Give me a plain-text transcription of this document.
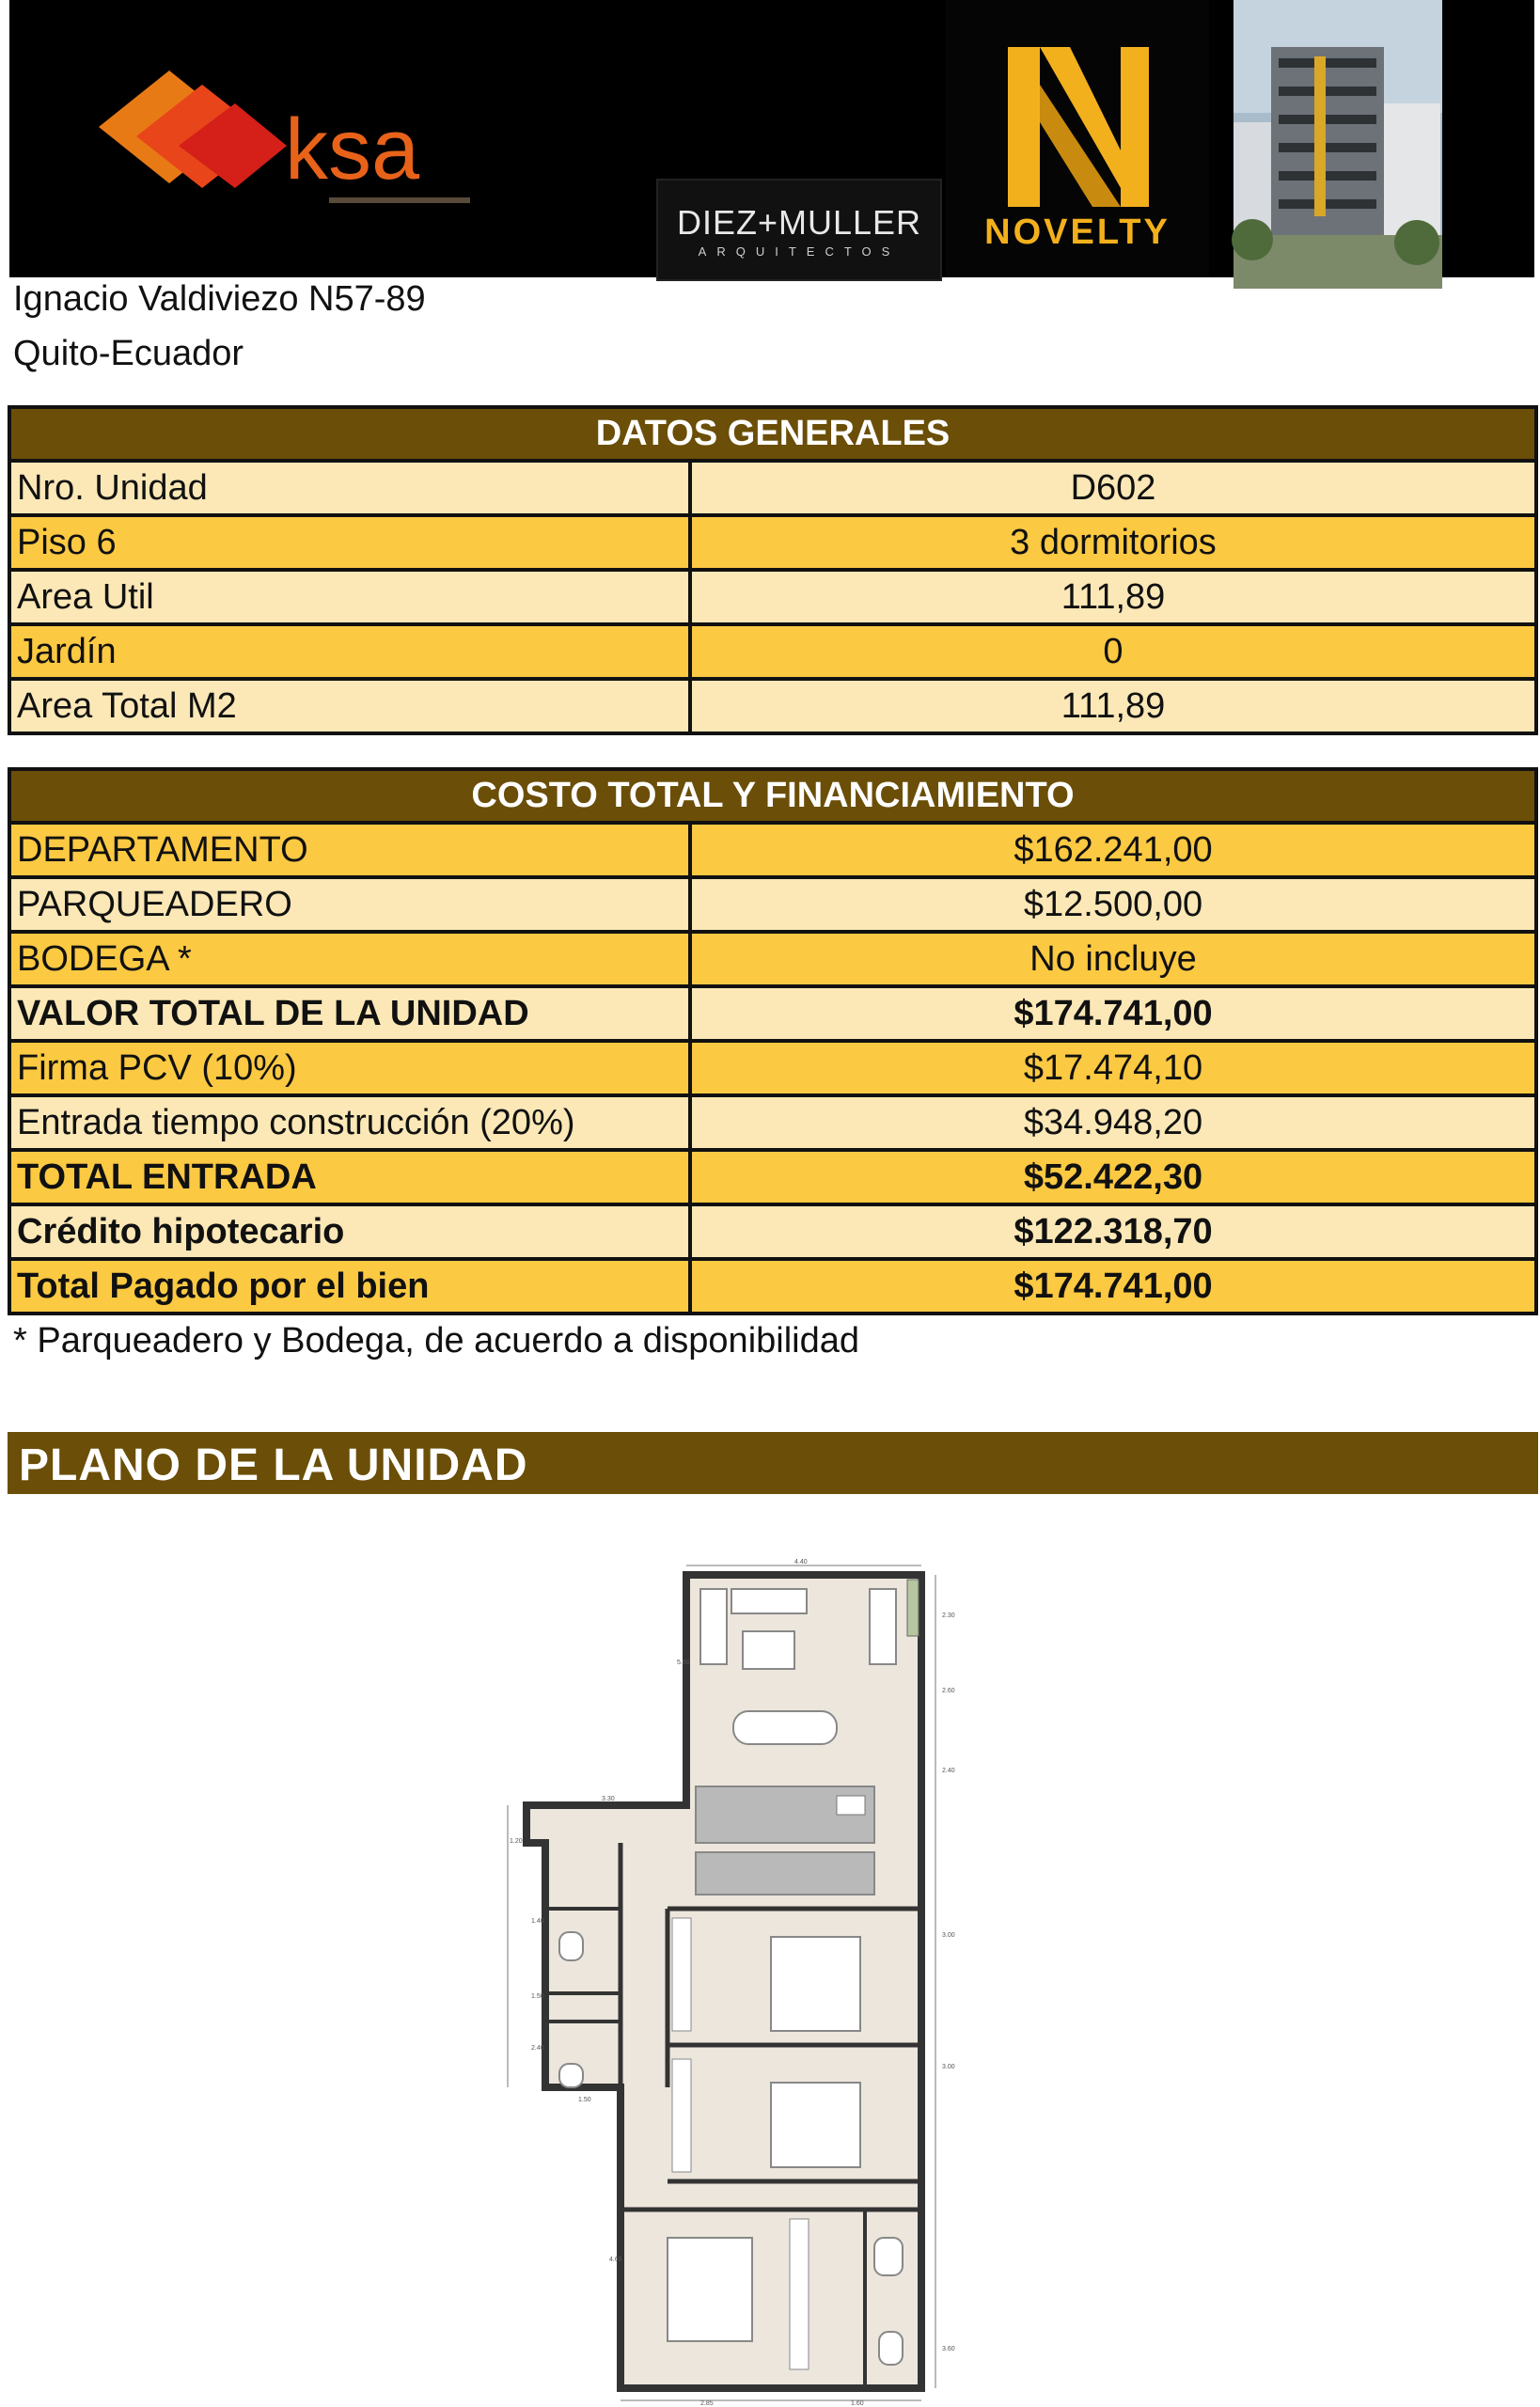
ksa
DIEZ+MULLER
ARQUITECTOS	NOVELTY
Ignacio Valdiviezo N57-89
Quito-Ecuador
DATOS GENERALES
Nro. Unidad	D602
Piso 6	3 dormitorios
Area Util	111,89
Jardín	0
Area Total M2	111,89
COSTO TOTAL Y FINANCIAMIENTO
DEPARTAMENTO	$162.241,00
PARQUEADERO	$12.500,00
BODEGA *	No incluye
VALOR TOTAL DE LA UNIDAD	$174.741,00
Firma PCV (10%)	$17.474,10
Entrada tiempo construcción (20%)	$34.948,20
TOTAL ENTRADA	$52.422,30
Crédito hipotecario	$122.318,70
Total Pagado por el bien	$174.741,00
* Parqueadero y Bodega, de acuerdo a disponibilidad
PLANO DE LA UNIDAD
4.40
2.30
5.80
2.60
3.30
2.40
1.20
1.40
3.00
1.50
2.40
3.00
1.50
4.65
3.60
2.85	1.60
